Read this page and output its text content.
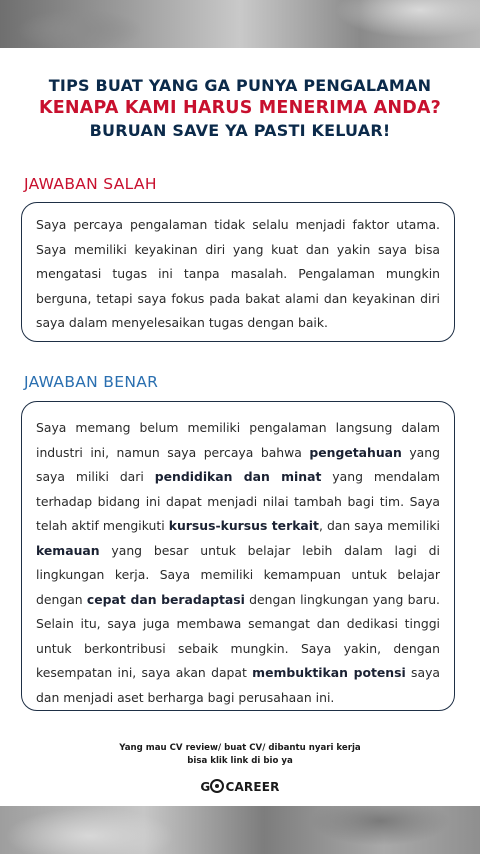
TIPS BUAT YANG GA PUNYA PENGALAMAN
KENAPA KAMI HARUS MENERIMA ANDA?
BURUAN SAVE YA PASTI KELUAR!
JAWABAN SALAH
Saya percaya pengalaman tidak selalu menjadi faktor utama. Saya memiliki keyakinan diri yang kuat dan yakin saya bisa mengatasi tugas ini tanpa masalah. Pengalaman mungkin berguna, tetapi saya fokus pada bakat alami dan keyakinan diri saya dalam menyelesaikan tugas dengan baik.
JAWABAN BENAR
Saya memang belum memiliki pengalaman langsung dalam industri ini, namun saya percaya bahwa pengetahuan yang saya miliki dari pendidikan dan minat yang mendalam terhadap bidang ini dapat menjadi nilai tambah bagi tim. Saya telah aktif mengikuti kursus-kursus terkait, dan saya memiliki kemauan yang besar untuk belajar lebih dalam lagi di lingkungan kerja. Saya memiliki kemampuan untuk belajar dengan cepat dan beradaptasi dengan lingkungan yang baru. Selain itu, saya juga membawa semangat dan dedikasi tinggi untuk berkontribusi sebaik mungkin. Saya yakin, dengan kesempatan ini, saya akan dapat membuktikan potensi saya dan menjadi aset berharga bagi perusahaan ini.
Yang mau CV review/ buat CV/ dibantu nyari kerja
bisa klik link di bio ya
G CAREER
